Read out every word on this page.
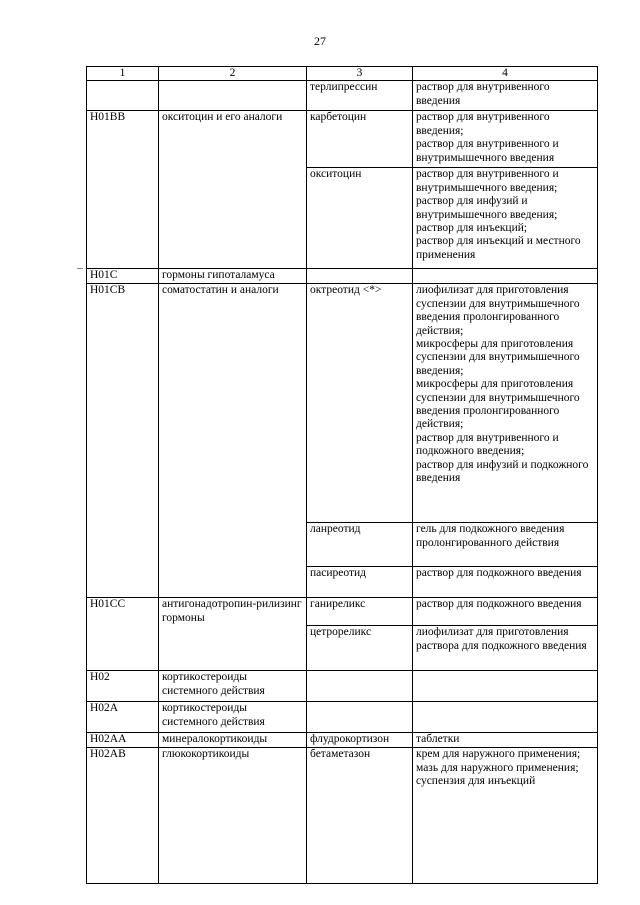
27
1	2	3	4
		терлипрессин	раствор для внутривенного введения
H01BB	окситоцин и его аналоги	карбетоцин	раствор для внутривенного введения;
раствор для внутривенного и внутримышечного введения
		окситоцин	раствор для внутривенного и внутримышечного введения;
раствор для инфузий и внутримышечного введения;
раствор для инъекций;
раствор для инъекций и местного применения
H01C	гормоны гипоталамуса		
H01CB	соматостатин и аналоги	октреотид <*>	лиофилизат для приготовления суспензии для внутримышечного введения пролонгированного действия;
микросферы для приготовления суспензии для внутримышечного введения;
микросферы для приготовления суспензии для внутримышечного введения пролонгированного действия;
раствор для внутривенного и подкожного введения;
раствор для инфузий и подкожного введения
		ланреотид	гель для подкожного введения пролонгированного действия
		пасиреотид	раствор для подкожного введения
H01CC	антигонадотропин-рилизинг гормоны	ганиреликс	раствор для подкожного введения
		цетрореликс	лиофилизат для приготовления раствора для подкожного введения
H02	кортикостероиды системного действия		
H02A	кортикостероиды системного действия		
H02AA	минералокортикоиды	флудрокортизон	таблетки
H02AB	глюкокортикоиды	бетаметазон	крем для наружного применения;
мазь для наружного применения;
суспензия для инъекций
